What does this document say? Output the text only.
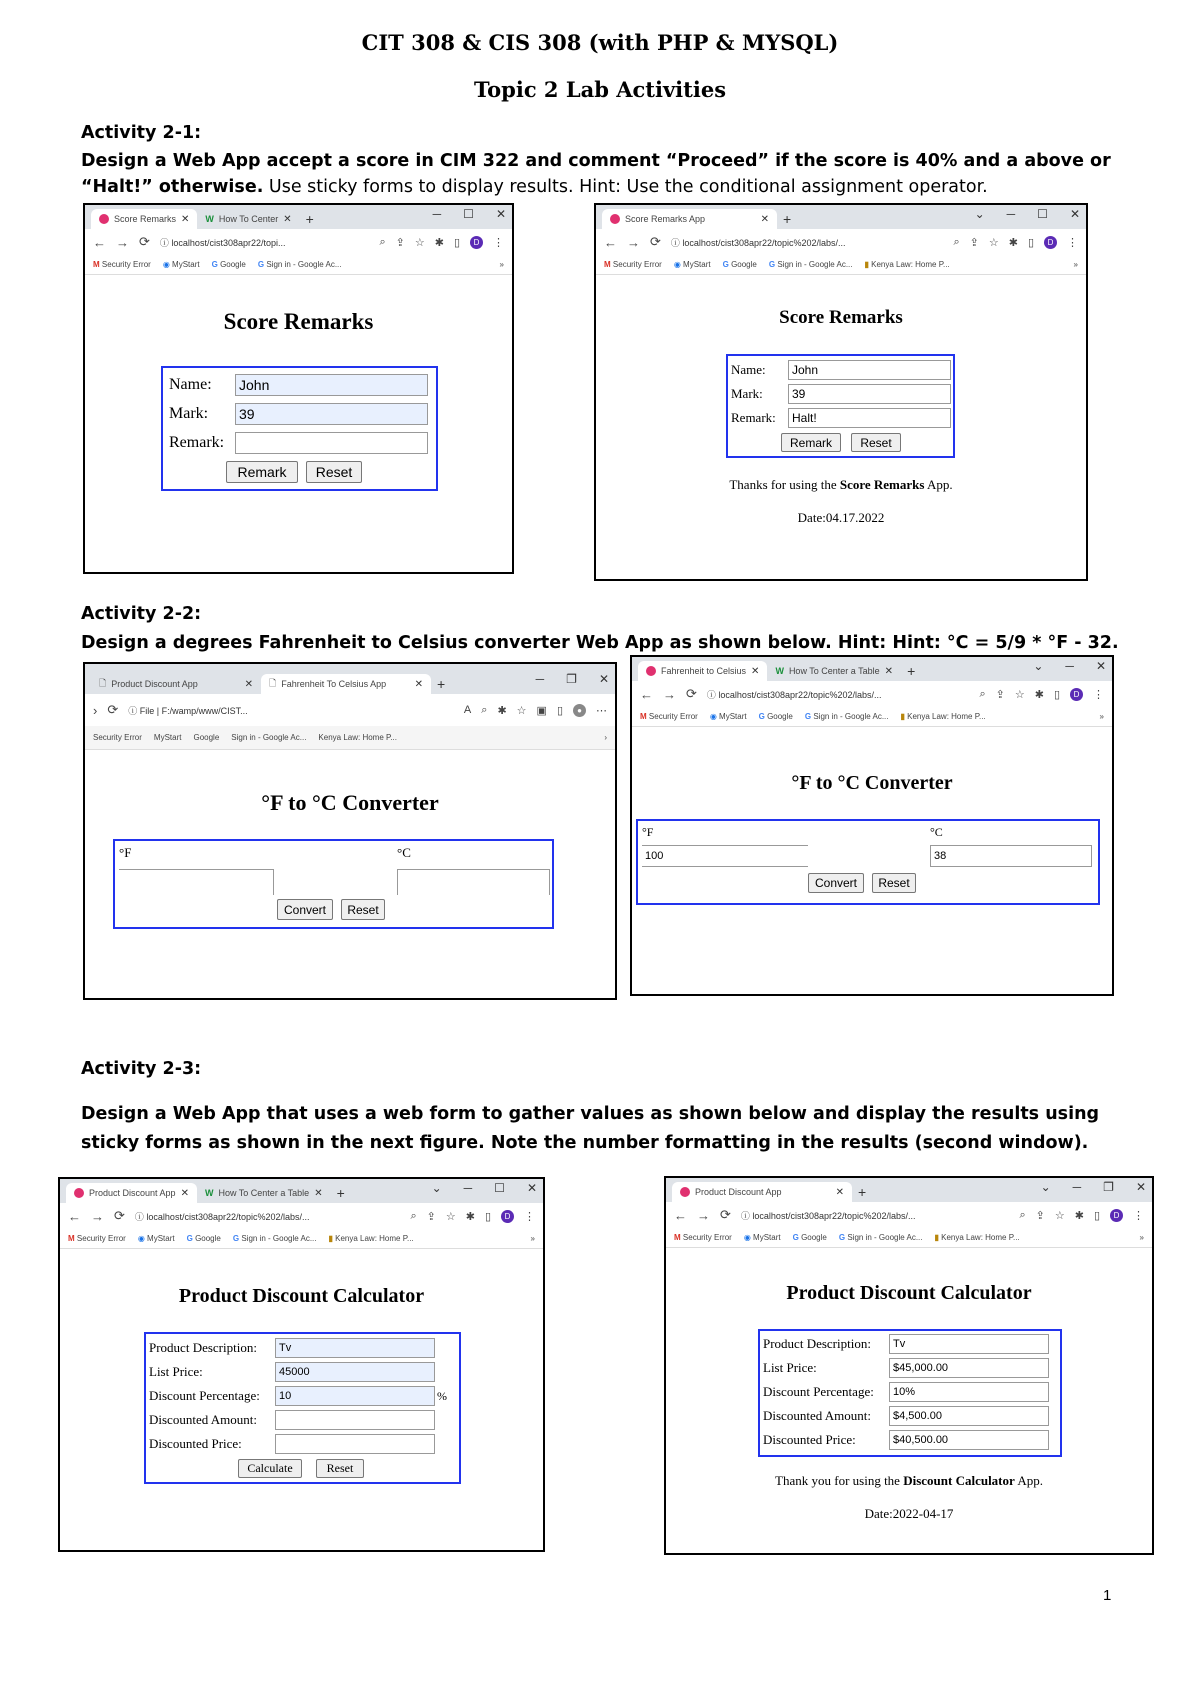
CIT 308 & CIS 308 (with PHP & MYSQL)
Topic 2 Lab Activities
Activity 2-1:
Design a Web App accept a score in CIM 322 and comment “Proceed” if the score is 40% and a above or “Halt!” otherwise. Use sticky forms to display results. Hint: Use the conditional assignment operator.
Score Remarks ✕ W How To Center ✕	+	─ ☐ ✕
← → ⟳ ⓘ localhost/cist308apr22/topi...	⌕ ⇪ ☆ ✱ ▯	D	⋮
M Security Error ◉ MyStart G Google G Sign in - Google Ac...	»
Score Remarks
Name:	John
Mark:	39
Remark:
Remark	Reset
Score Remarks App	✕	+	⌄ ─ ☐ ✕
← → ⟳ ⓘ localhost/cist308apr22/topic%202/labs/...	⌕ ⇪ ☆ ✱ ▯	D	⋮
M Security Error ◉ MyStart G Google G Sign in - Google Ac... ▮ Kenya Law: Home P...	»
Score Remarks
Name:	John
Mark:	39
Remark:	Halt!
Remark	Reset
Thanks for using the Score Remarks App.
Date:04.17.2022
Activity 2-2:
Design a degrees Fahrenheit to Celsius converter Web App as shown below. Hint: Hint: °C = 5/9 * °F - 32.
🗋 Product Discount App	✕ 🗋 Fahrenheit To Celsius App	✕	+	─ ❐ ✕
› ⟳ ⓘ File | F:/wamp/www/CIST...	A ⌕ ✱ ☆ ▣ ▯	●	⋯
Security Error MyStart Google Sign in - Google Ac... Kenya Law: Home P...	›
°F to °C Converter
°F	°C
Convert	Reset
Fahrenheit to Celsius ✕ W How To Center a Table ✕	+	⌄ ─ ✕
← → ⟳ ⓘ localhost/cist308apr22/topic%202/labs/...	⌕ ⇪ ☆ ✱ ▯	D	⋮
M Security Error ◉ MyStart G Google G Sign in - Google Ac... ▮ Kenya Law: Home P...	»
°F to °C Converter
°F	°C
100	38
Convert	Reset
Activity 2-3:
Design a Web App that uses a web form to gather values as shown below and display the results using sticky forms as shown in the next figure. Note the number formatting in the results (second window).
Product Discount App ✕ W How To Center a Table ✕	+	⌄ ─ ☐ ✕
← → ⟳ ⓘ localhost/cist308apr22/topic%202/labs/...	⌕ ⇪ ☆ ✱ ▯	D	⋮
M Security Error ◉ MyStart G Google G Sign in - Google Ac... ▮ Kenya Law: Home P...	»
Product Discount Calculator
Product Description:	Tv
List Price:	45000
Discount Percentage:	10	%
Discounted Amount:
Discounted Price:
Calculate	Reset
Product Discount App	✕	+	⌄ ─ ❐ ✕
← → ⟳ ⓘ localhost/cist308apr22/topic%202/labs/...	⌕ ⇪ ☆ ✱ ▯	D	⋮
M Security Error ◉ MyStart G Google G Sign in - Google Ac... ▮ Kenya Law: Home P...	»
Product Discount Calculator
Product Description:	Tv
List Price:	$45,000.00
Discount Percentage:	10%
Discounted Amount:	$4,500.00
Discounted Price:	$40,500.00
Thank you for using the Discount Calculator App.
Date:2022-04-17
1
